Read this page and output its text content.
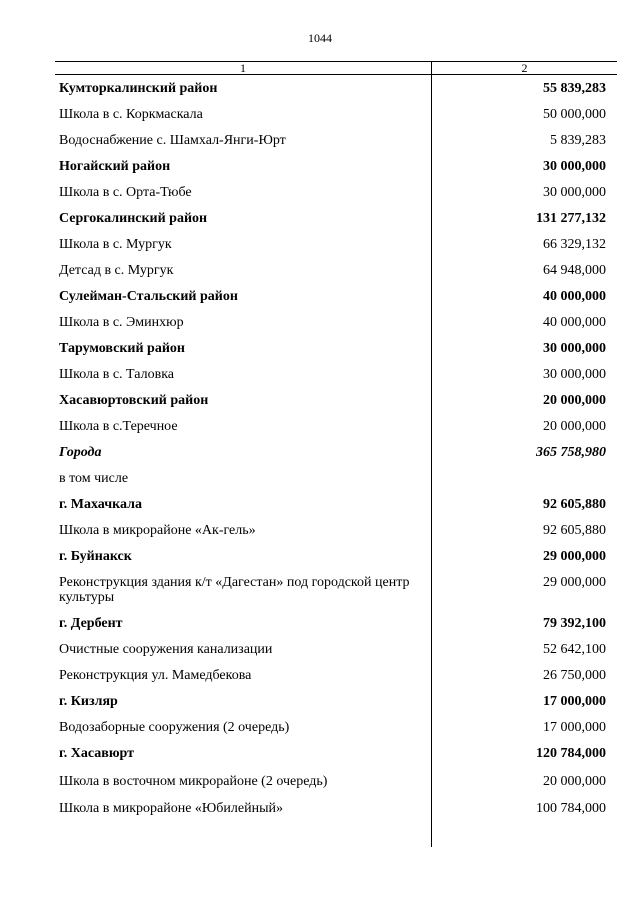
1044
1	2
Кумторкалинский район	55 839,283
Школа в с. Коркмаскала	50 000,000
Водоснабжение с. Шамхал-Янги-Юрт	5 839,283
Ногайский район	30 000,000
Школа в с. Орта-Тюбе	30 000,000
Сергокалинский район	131 277,132
Школа в с. Мургук	66 329,132
Детсад в с. Мургук	64 948,000
Сулейман-Стальский район	40 000,000
Школа в с. Эминхюр	40 000,000
Тарумовский район	30 000,000
Школа в с. Таловка	30 000,000
Хасавюртовский район	20 000,000
Школа в с.Теречное	20 000,000
Города	365 758,980
в том числе
г. Махачкала	92 605,880
Школа в микрорайоне «Ак-гель»	92 605,880
г. Буйнакск	29 000,000
Реконструкция здания к/т «Дагестан» под городской центр культуры
29 000,000
г. Дербент	79 392,100
Очистные сооружения канализации	52 642,100
Реконструкция ул. Мамедбекова	26 750,000
г. Кизляр	17 000,000
Водозаборные сооружения (2 очередь)	17 000,000
г. Хасавюрт	120 784,000
Школа в восточном микрорайоне (2 очередь)	20 000,000
Школа в микрорайоне «Юбилейный»	100 784,000
